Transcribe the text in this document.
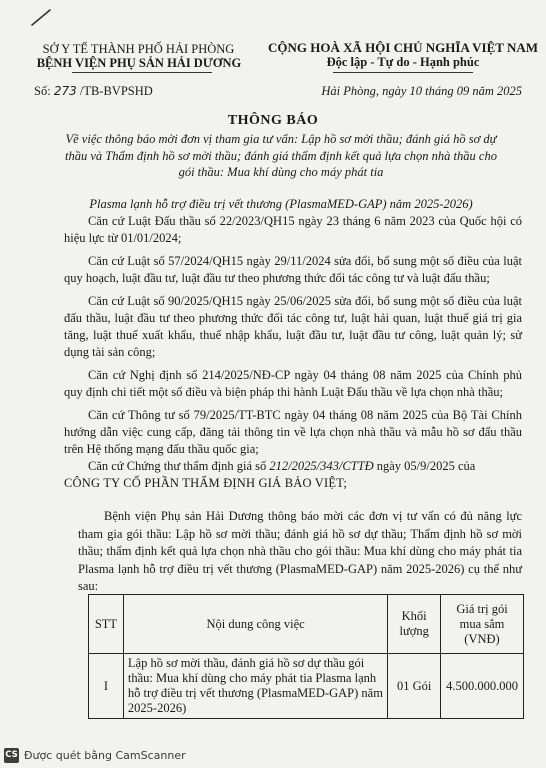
SỞ Y TẾ THÀNH PHỐ HẢI PHÒNG
BỆNH VIỆN PHỤ SẢN HẢI DƯƠNG
CỘNG HOÀ XÃ HỘI CHỦ NGHĨA VIỆT NAM
Độc lập - Tự do - Hạnh phúc
Số: 273 /TB-BVPSHD	Hải Phòng, ngày 10 tháng 09 năm 2025
THÔNG BÁO
Về việc thông báo mời đơn vị tham gia tư vấn: Lập hồ sơ mời thầu; đánh giá hồ sơ dự thầu và Thẩm định hồ sơ mời thầu; đánh giá thẩm định kết quả lựa chọn nhà thầu cho gói thầu: Mua khí dùng cho máy phát tia
Plasma lạnh hỗ trợ điều trị vết thương (PlasmaMED-GAP) năm 2025-2026)

Căn cứ Luật Đấu thầu số 22/2023/QH15 ngày 23 tháng 6 năm 2023 của Quốc hội có hiệu lực từ 01/01/2024;

Căn cứ Luật số 57/2024/QH15 ngày 29/11/2024 sửa đổi, bổ sung một số điều của luật quy hoạch, luật đầu tư, luật đầu tư theo phương thức đối tác công tư và luật đấu thầu;

Căn cứ Luật số 90/2025/QH15 ngày 25/06/2025 sửa đổi, bổ sung một số điều của luật đấu thầu, luật đầu tư theo phương thức đối tác công tư, luật hải quan, luật thuế giá trị gia tăng, luật thuế xuất khẩu, thuế nhập khẩu, luật đầu tư, luật đầu tư công, luật quản lý; sử dụng tài sản công;

Căn cứ Nghị định số 214/2025/NĐ-CP ngày 04 tháng 08 năm 2025 của Chính phủ quy định chi tiết một số điều và biện pháp thi hành Luật Đấu thầu về lựa chọn nhà thầu;

Căn cứ Thông tư số 79/2025/TT-BTC ngày 04 tháng 08 năm 2025 của Bộ Tài Chính hướng dẫn việc cung cấp, đăng tải thông tin về lựa chọn nhà thầu và mẫu hồ sơ đấu thầu trên Hệ thống mạng đấu thầu quốc gia;

Căn cứ Chứng thư thẩm định giá số 212/2025/343/CTTĐ ngày 05/9/2025 của

CÔNG TY CỔ PHẦN THẨM ĐỊNH GIÁ BẢO VIỆT;

Bệnh viện Phụ sản Hải Dương thông báo mời các đơn vị tư vấn có đủ năng lực tham gia gói thầu: Lập hồ sơ mời thầu; đánh giá hồ sơ dự thầu; Thẩm định hồ sơ mời thầu; thẩm định kết quả lựa chọn nhà thầu cho gói thầu: Mua khí dùng cho máy phát tia Plasma lạnh hỗ trợ điều trị vết thương (PlasmaMED-GAP) năm 2025-2026) cụ thể như sau:

STT	Nội dung công việc	Khối lượng	Giá trị gói mua sắm (VNĐ)
I	Lập hồ sơ mời thầu, đánh giá hồ sơ dự thầu gói thầu: Mua khí dùng cho máy phát tia Plasma lạnh hỗ trợ điều trị vết thương (PlasmaMED-GAP) năm 2025-2026)	01 Gói	4.500.000.000
CS Được quét bằng CamScanner
